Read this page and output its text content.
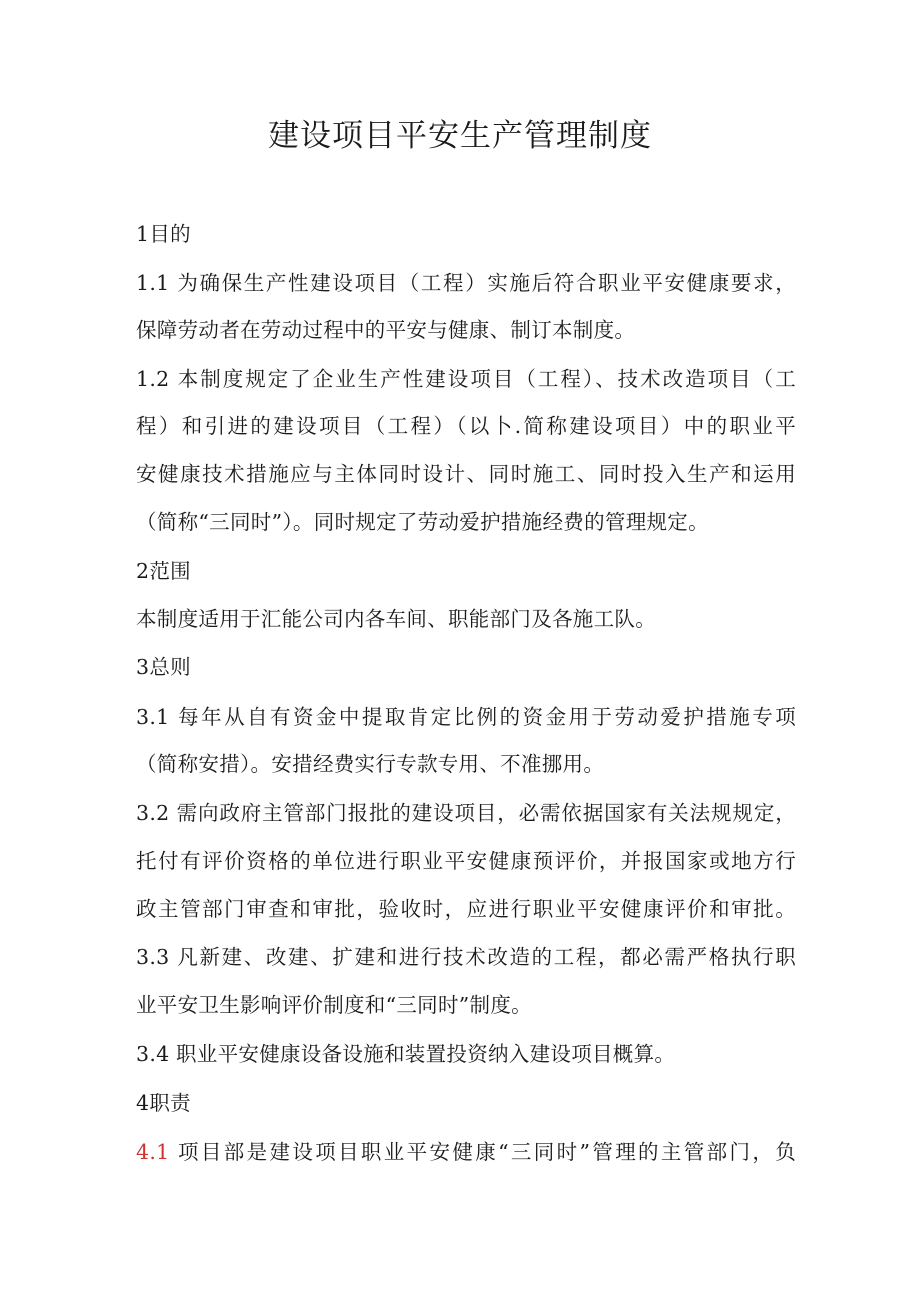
建设项目平安生产管理制度
1目的
1.1 为确保生产性建设项目（工程）实施后符合职业平安健康要求，
保障劳动者在劳动过程中的平安与健康、制订本制度。
1.2 本制度规定了企业生产性建设项目（工程）、技术改造项目（工
程）和引进的建设项目（工程）（以卜.简称建设项目）中的职业平
安健康技术措施应与主体同时设计、同时施工、同时投入生产和运用
（简称“三同时”）。同时规定了劳动爱护措施经费的管理规定。
2范围
本制度适用于汇能公司内各车间、职能部门及各施工队。
3总则
3.1 每年从自有资金中提取肯定比例的资金用于劳动爱护措施专项
（简称安措）。安措经费实行专款专用、不准挪用。
3.2 需向政府主管部门报批的建设项目，必需依据国家有关法规规定，
托付有评价资格的单位进行职业平安健康预评价，并报国家或地方行
政主管部门审查和审批，验收时，应进行职业平安健康评价和审批。
3.3 凡新建、改建、扩建和进行技术改造的工程，都必需严格执行职
业平安卫生影响评价制度和“三同时”制度。
3.4 职业平安健康设备设施和装置投资纳入建设项目概算。
4职责
4.1 项目部是建设项目职业平安健康“三同时”管理的主管部门，负
